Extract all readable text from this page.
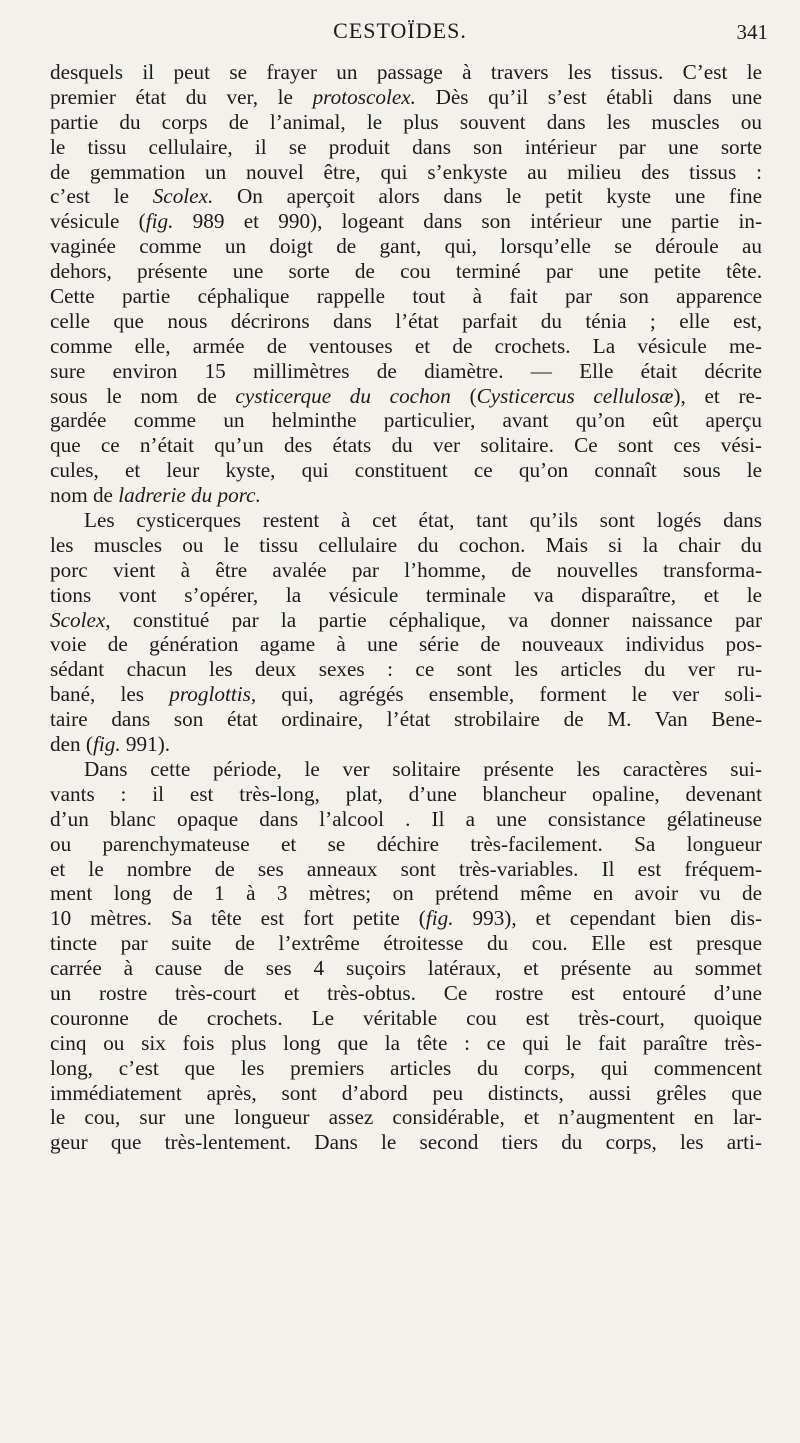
CESTOÏDES.	341
desquels il peut se frayer un passage à travers les tissus. C’est le
premier état du ver, le protoscolex. Dès qu’il s’est établi dans une
partie du corps de l’animal, le plus souvent dans les muscles ou
le tissu cellulaire, il se produit dans son intérieur par une sorte
de gemmation un nouvel être, qui s’enkyste au milieu des tissus :
c’est le Scolex. On aperçoit alors dans le petit kyste une fine
vésicule (fig. 989 et 990), logeant dans son intérieur une partie in-
vaginée comme un doigt de gant, qui, lorsqu’elle se déroule au
dehors, présente une sorte de cou terminé par une petite tête.
Cette partie céphalique rappelle tout à fait par son apparence
celle que nous décrirons dans l’état parfait du ténia ; elle est,
comme elle, armée de ventouses et de crochets. La vésicule me-
sure environ 15 millimètres de diamètre. — Elle était décrite
sous le nom de cysticerque du cochon (Cysticercus cellulosæ), et re-
gardée comme un helminthe particulier, avant qu’on eût aperçu
que ce n’était qu’un des états du ver solitaire. Ce sont ces vési-
cules, et leur kyste, qui constituent ce qu’on connaît sous le
nom de ladrerie du porc.
Les cysticerques restent à cet état, tant qu’ils sont logés dans
les muscles ou le tissu cellulaire du cochon. Mais si la chair du
porc vient à être avalée par l’homme, de nouvelles transforma-
tions vont s’opérer, la vésicule terminale va disparaître, et le
Scolex, constitué par la partie céphalique, va donner naissance par
voie de génération agame à une série de nouveaux individus pos-
sédant chacun les deux sexes : ce sont les articles du ver ru-
bané, les proglottis, qui, agrégés ensemble, forment le ver soli-
taire dans son état ordinaire, l’état strobilaire de M. Van Bene-
den (fig. 991).
Dans cette période, le ver solitaire présente les caractères sui-
vants : il est très-long, plat, d’une blancheur opaline, devenant
d’un blanc opaque dans l’alcool . Il a une consistance gélatineuse
ou parenchymateuse et se déchire très-facilement. Sa longueur
et le nombre de ses anneaux sont très-variables. Il est fréquem-
ment long de 1 à 3 mètres; on prétend même en avoir vu de
10 mètres. Sa tête est fort petite (fig. 993), et cependant bien dis-
tincte par suite de l’extrême étroitesse du cou. Elle est presque
carrée à cause de ses 4 suçoirs latéraux, et présente au sommet
un rostre très-court et très-obtus. Ce rostre est entouré d’une
couronne de crochets. Le véritable cou est très-court, quoique
cinq ou six fois plus long que la tête : ce qui le fait paraître très-
long, c’est que les premiers articles du corps, qui commencent
immédiatement après, sont d’abord peu distincts, aussi grêles que
le cou, sur une longueur assez considérable, et n’augmentent en lar-
geur que très-lentement. Dans le second tiers du corps, les arti-
